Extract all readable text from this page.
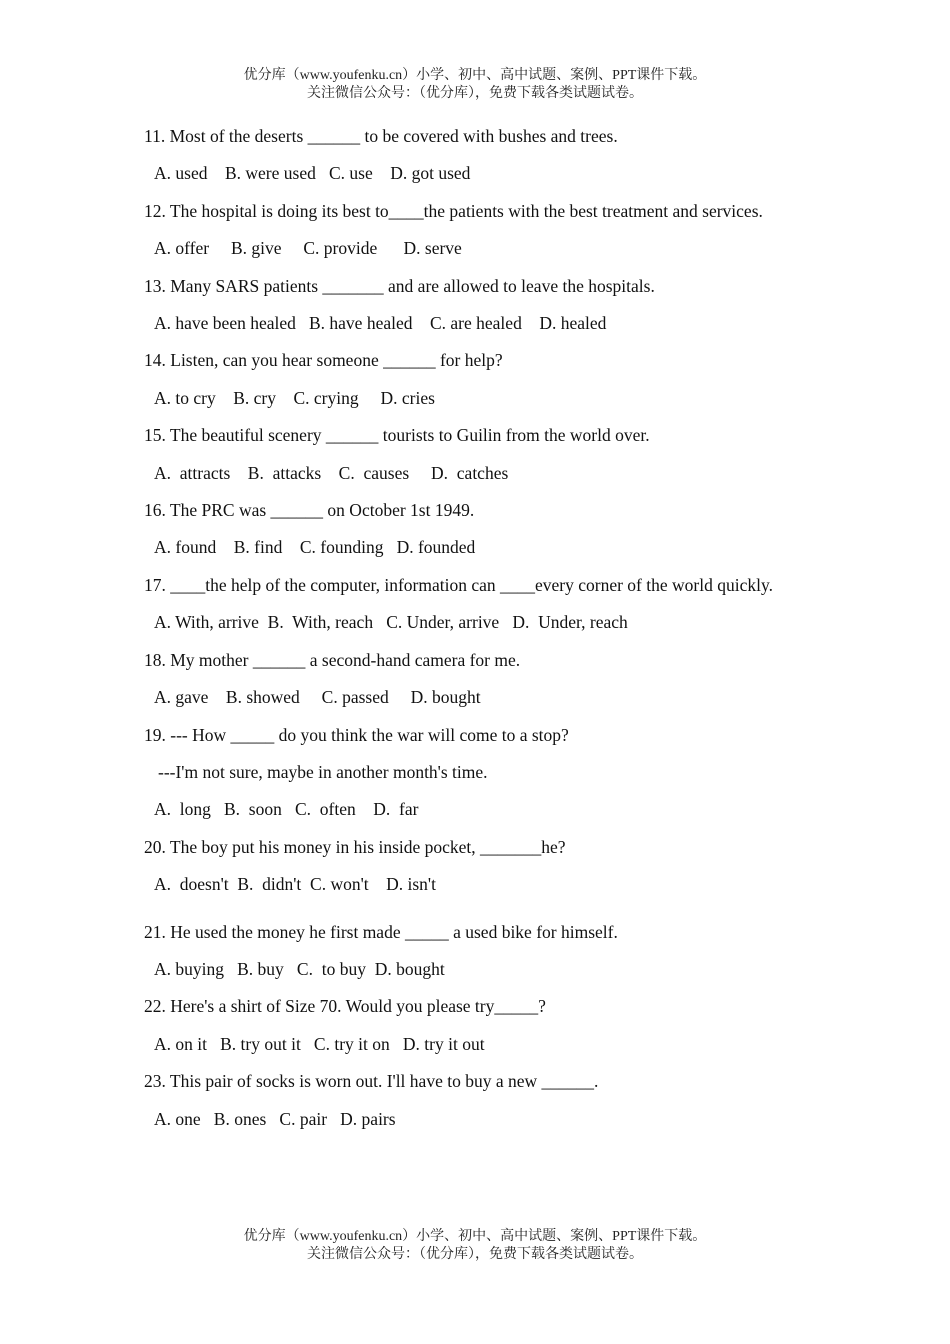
优分库（www.youfenku.cn）小学、初中、高中试题、案例、PPT课件下载。
关注微信公众号：（优分库），免费下载各类试题试卷。

11. Most of the deserts ______ to be covered with bushes and trees.

A. used    B. were used   C. use    D. got used

12. The hospital is doing its best to____the patients with the best treatment and services.

A. offer     B. give     C. provide      D. serve

13. Many SARS patients _______ and are allowed to leave the hospitals.

A. have been healed   B. have healed    C. are healed    D. healed

14. Listen, can you hear someone ______ for help?

A. to cry    B. cry    C. crying     D. cries

15. The beautiful scenery ______ tourists to Guilin from the world over.

A.  attracts    B.  attacks    C.  causes     D.  catches

16. The PRC was ______ on October 1st 1949.

A. found    B. find    C. founding   D. founded

17. ____the help of the computer, information can ____every corner of the world quickly.

A. With, arrive  B.  With, reach   C. Under, arrive   D.  Under, reach

18. My mother ______ a second-hand camera for me.

A. gave    B. showed     C. passed     D. bought

19. --- How _____ do you think the war will come to a stop?

---I'm not sure, maybe in another month's time.

A.  long   B.  soon   C.  often    D.  far

20. The boy put his money in his inside pocket, _______he?

A.  doesn't  B.  didn't  C. won't    D. isn't

21. He used the money he first made _____ a used bike for himself.

A. buying   B. buy   C.  to buy  D. bought

22. Here's a shirt of Size 70. Would you please try_____?

A. on it   B. try out it   C. try it on   D. try it out

23. This pair of socks is worn out. I'll have to buy a new ______.

A. one   B. ones   C. pair   D. pairs

优分库（www.youfenku.cn）小学、初中、高中试题、案例、PPT课件下载。
关注微信公众号：（优分库），免费下载各类试题试卷。
